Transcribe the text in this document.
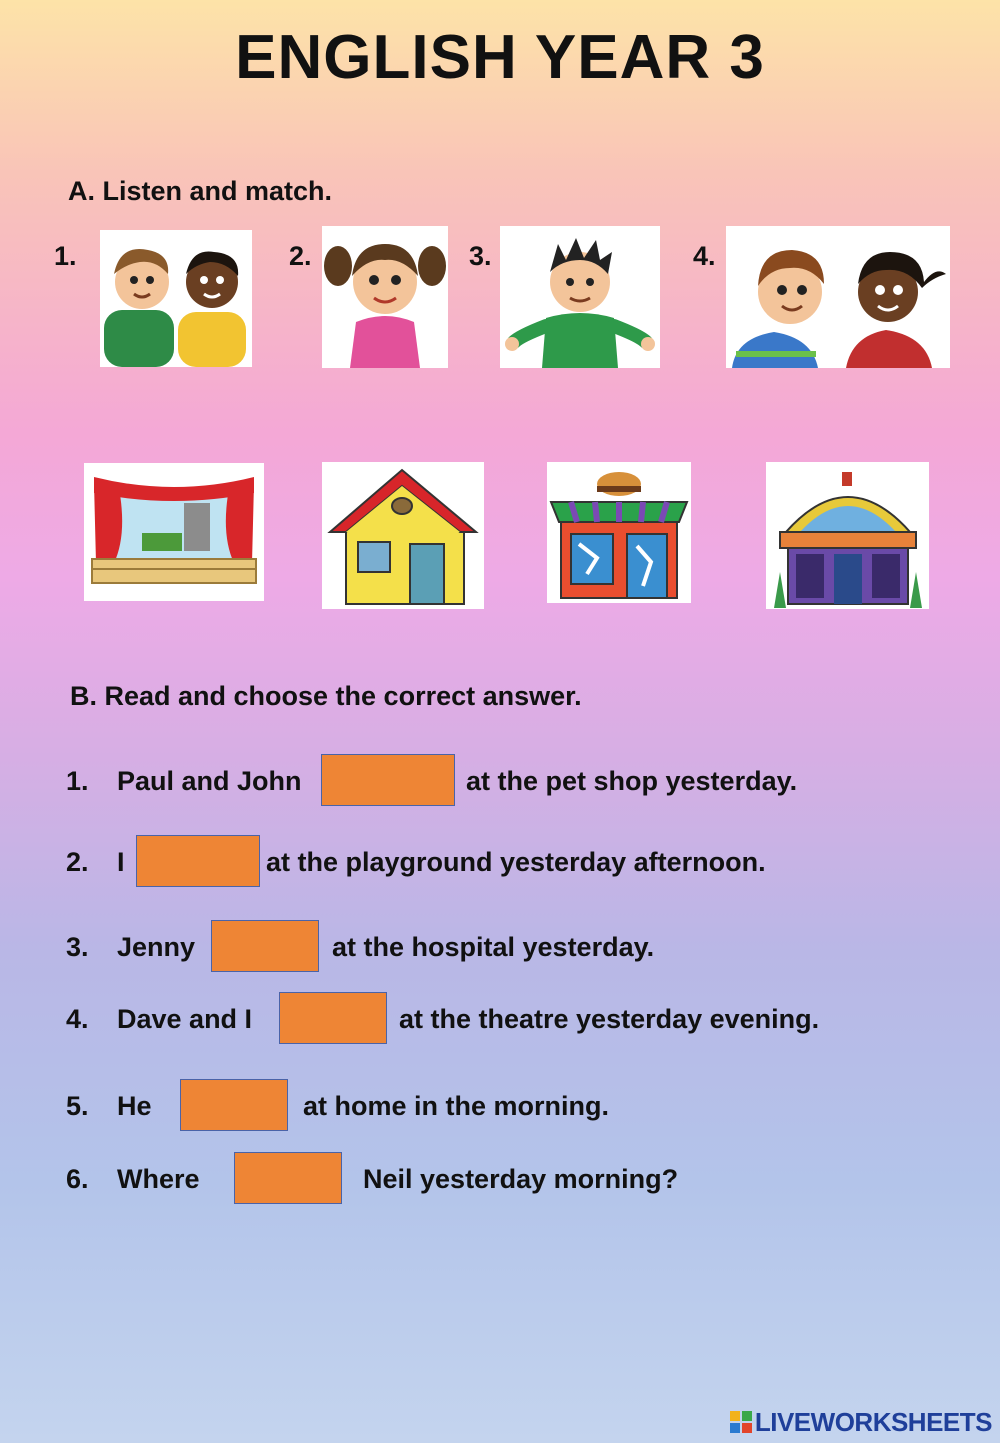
ENGLISH YEAR 3
A. Listen and match.
1.	2.	3.	4.
B. Read and choose the correct answer.
1. Paul and John	at the pet shop yesterday.
2. I	at the playground yesterday afternoon.
3. Jenny	at the hospital yesterday.
4. Dave and I	at the theatre yesterday evening.
5. He	at home in the morning.
6. Where	Neil yesterday morning?
LIVEWORKSHEETS
